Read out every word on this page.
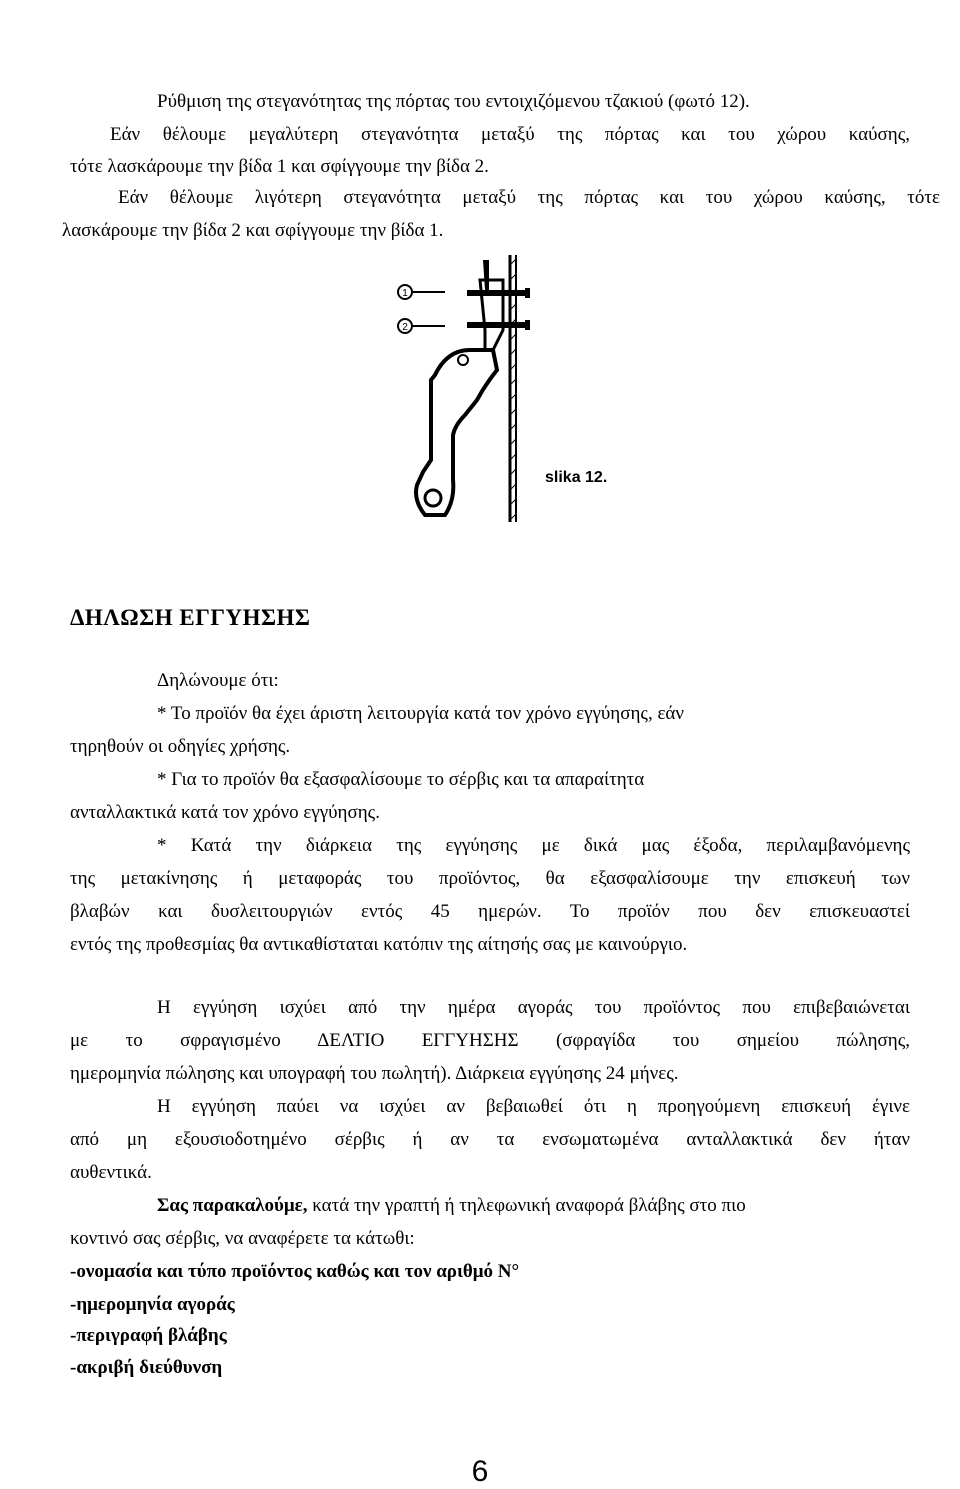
Ρύθμιση της στεγανότητας της πόρτας του εντοιχιζόμενου τζακιού (φωτό 12).
Εάν θέλουμε μεγαλύτερη στεγανότητα μεταξύ της πόρτας και του χώρου καύσης,
τότε λασκάρουμε την βίδα 1 και σφίγγουμε την βίδα 2.
Εάν θέλουμε λιγότερη στεγανότητα μεταξύ της πόρτας και του χώρου καύσης, τότε
λασκάρουμε την βίδα 2 και σφίγγουμε την βίδα 1.
1
2
slika 12.
ΔΗΛΩΣΗ ΕΓΓΥΗΣΗΣ
Δηλώνουμε ότι:
* Το προϊόν θα έχει άριστη λειτουργία κατά τον χρόνο εγγύησης, εάν
τηρηθούν οι οδηγίες χρήσης.
* Για το προϊόν θα εξασφαλίσουμε το σέρβις και τα απαραίτητα
ανταλλακτικά κατά τον χρόνο εγγύησης.
* Κατά την διάρκεια της εγγύησης με δικά μας έξοδα, περιλαμβανόμενης
της μετακίνησης ή μεταφοράς του προϊόντος, θα εξασφαλίσουμε την επισκευή των
βλαβών και δυσλειτουργιών εντός 45 ημερών. Το προϊόν που δεν επισκευαστεί
εντός της προθεσμίας θα αντικαθίσταται κατόπιν της αίτησής σας με καινούργιο.
Η εγγύηση ισχύει από την ημέρα αγοράς του προϊόντος που επιβεβαιώνεται
με το σφραγισμένο ΔΕΛΤΙΟ ΕΓΓΥΗΣΗΣ (σφραγίδα του σημείου πώλησης,
ημερομηνία πώλησης και υπογραφή του πωλητή). Διάρκεια εγγύησης 24 μήνες.
Η εγγύηση παύει να ισχύει αν βεβαιωθεί ότι η προηγούμενη επισκευή έγινε
από μη εξουσιοδοτημένο σέρβις ή αν τα ενσωματωμένα ανταλλακτικά δεν ήταν
αυθεντικά.
Σας παρακαλούμε, κατά την γραπτή ή τηλεφωνική αναφορά βλάβης στο πιο
κοντινό σας σέρβις, να αναφέρετε τα κάτωθι:
-ονομασία και τύπο προϊόντος καθώς και τον αριθμό N°
-ημερομηνία αγοράς
-περιγραφή βλάβης
-ακριβή διεύθυνση
6
